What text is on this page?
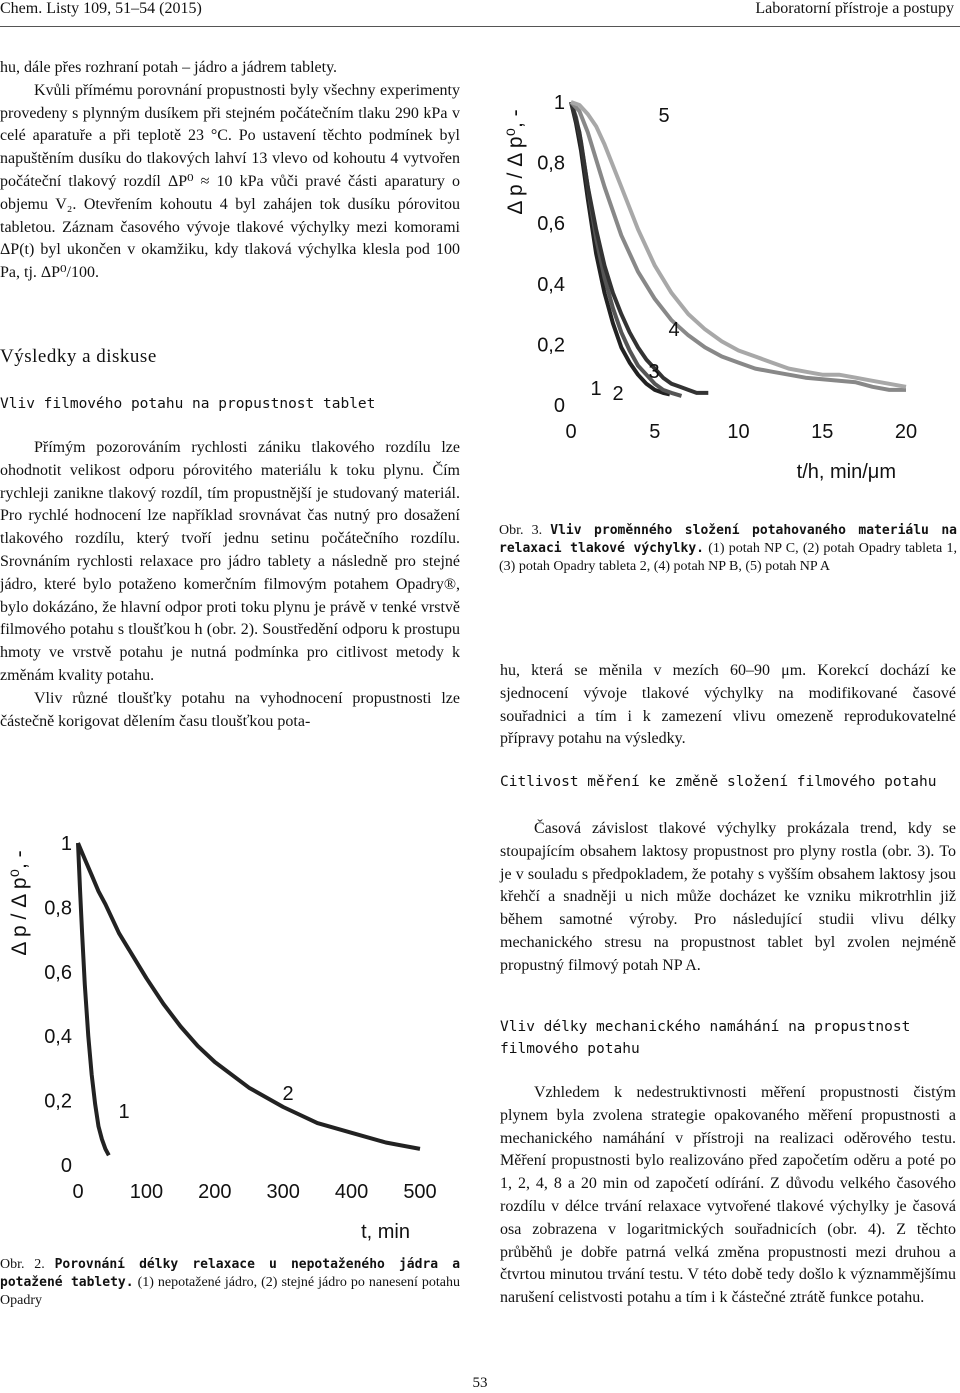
Chem. Listy 109, 51–54 (2015)	Laboratorní přístroje a postupy

hu, dále přes rozhraní potah – jádro a jádrem tablety.

Kvůli přímému porovnání propustnosti byly všechny experimenty provedeny s plynným dusíkem při stejném počátečním tlaku 290 kPa v celé aparatuře a při teplotě 23 °C. Po ustavení těchto podmínek byl napuštěním dusíku do tlakových lahví 13 vlevo od kohoutu 4 vytvořen počáteční tlakový rozdíl ΔP⁰ ≈ 10 kPa vůči pravé části aparatury o objemu V₂. Otevřením kohoutu 4 byl zahájen tok dusíku pórovitou tabletou. Záznam časového vývoje tlakové výchylky mezi komorami ΔP(t) byl ukončen v okamžiku, kdy tlaková výchylka klesla pod 100 Pa, tj. ΔP⁰/100.

Výsledky a diskuse
Vliv filmového potahu na propustnost tablet

Přímým pozorováním rychlosti zániku tlakového rozdílu lze ohodnotit velikost odporu pórovitého materiálu k toku plynu. Čím rychleji zanikne tlakový rozdíl, tím propustnější je studovaný materiál. Pro rychlé hodnocení lze například srovnávat čas nutný pro dosažení tlakového rozdílu, který tvoří jednu setinu počátečního rozdílu. Srovnáním rychlosti relaxace pro jádro tablety a následně pro stejné jádro, které bylo potaženo komerčním filmovým potahem Opadry®, bylo dokázáno, že hlavní odpor proti toku plynu je právě v tenké vrstvě filmového potahu s tloušťkou h (obr. 2). Soustředění odporu k prostupu hmoty ve vrstvě potahu je nutná podmínka pro citlivost metody k změnám kvality potahu.

Vliv různé tloušťky potahu na vyhodnocení propustnosti lze částečně korigovat dělením času tloušťkou pota-

0
0,2
0,4
0,6
0,8
1
0 100 200 300 400 500
Δ p / Δ p⁰, -
t, min
1
2
Obr. 2. Porovnání délky relaxace u nepotaženého jádra a potažené tablety. (1) nepotažené jádro, (2) stejné jádro po nanesení potahu Opadry
0
0,2
0,4
0,6
0,8
1
0	5	10	15	20
Δ p / Δ p⁰, -
t/h, min/μm
1 2
3
4
5
Obr. 3. Vliv proměnného složení potahovaného materiálu na relaxaci tlakové výchylky. (1) potah NP C, (2) potah Opadry tableta 1, (3) potah Opadry tableta 2, (4) potah NP B, (5) potah NP A

hu, která se měnila v mezích 60–90 μm. Korekcí dochází ke sjednocení vývoje tlakové výchylky na modifikované časové souřadnici a tím i k zamezení vlivu omezeně reprodukovatelné přípravy potahu na výsledky.

Citlivost měření ke změně složení filmového potahu

Časová závislost tlakové výchylky prokázala trend, kdy se stoupajícím obsahem laktosy propustnost pro plyny rostla (obr. 3). To je v souladu s předpokladem, že potahy s vyšším obsahem laktosy jsou křehčí a snadněji u nich může docházet ke vzniku mikrotrhlin již během samotné výroby. Pro následující studii vlivu délky mechanického stresu na propustnost tablet byl zvolen nejméně propustný filmový potah NP A.

Vliv délky mechanického namáhání na propustnost filmového potahu

Vzhledem k nedestruktivnosti měření propustnosti čistým plynem byla zvolena strategie opakovaného měření propustnosti a mechanického namáhání v přístroji na realizaci oděrového testu. Měření propustnosti bylo realizováno před započetím oděru a poté po 1, 2, 4, 8 a 20 min od započetí odírání. Z důvodu velkého časového rozdílu v délce trvání relaxace vytvořené tlakové výchylky je časová osa zobrazena v logaritmických souřadnicích (obr. 4). Z těchto průběhů je dobře patrná velká změna propustnosti mezi druhou a čtvrtou minutou trvání testu. V této době tedy došlo k význammějšímu narušení celistvosti potahu a tím i k částečné ztrátě funkce potahu.

53
